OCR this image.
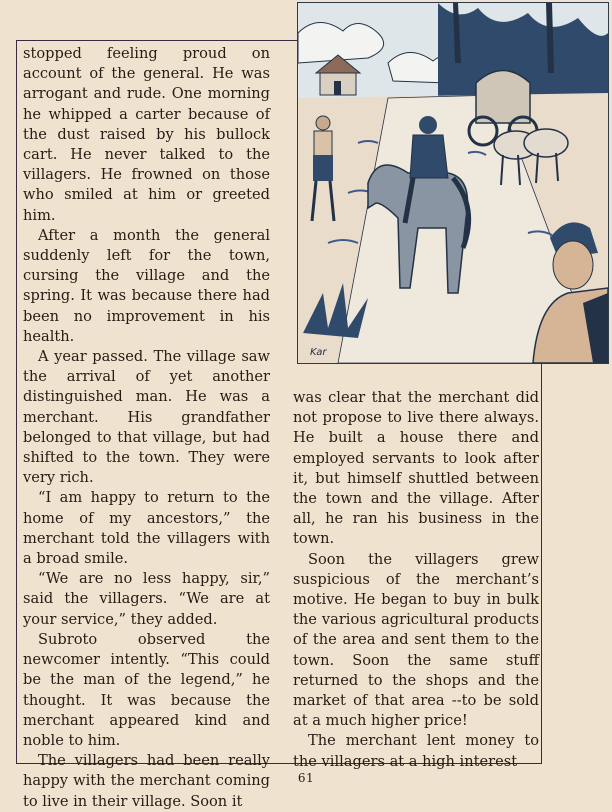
Kar

stopped feeling proud on account of the general. He was arrogant and rude. One morning he whipped a carter because of the dust raised by his bullock cart. He never talked to the villagers. He frowned on those who smiled at him or greeted him.

After a month the general suddenly left for the town, cursing the village and the spring. It was because there had been no improvement in his health.

A year passed. The village saw the arrival of yet another distinguished man. He was a merchant. His grandfather belonged to that village, but had shifted to the town. They were very rich.

“I am happy to return to the home of my ancestors,” the merchant told the villagers with a broad smile.

“We are no less happy, sir,” said the villagers. “We are at your service,” they added.

Subroto observed the newcomer intently. “This could be the man of the legend,” he thought. It was because the merchant appeared kind and noble to him.

The villagers had been really happy with the merchant coming to live in their village. Soon it

was clear that the merchant did not propose to live there always. He built a house there and employed servants to look after it, but himself shuttled between the town and the village. After all, he ran his business in the town.

Soon the villagers grew suspicious of the merchant’s motive. He began to buy in bulk the various agricultural products of the area and sent them to the town. Soon the same stuff returned to the shops and the market of that area --to be sold at a much higher price!

The merchant lent money to the villagers at a high interest

61
